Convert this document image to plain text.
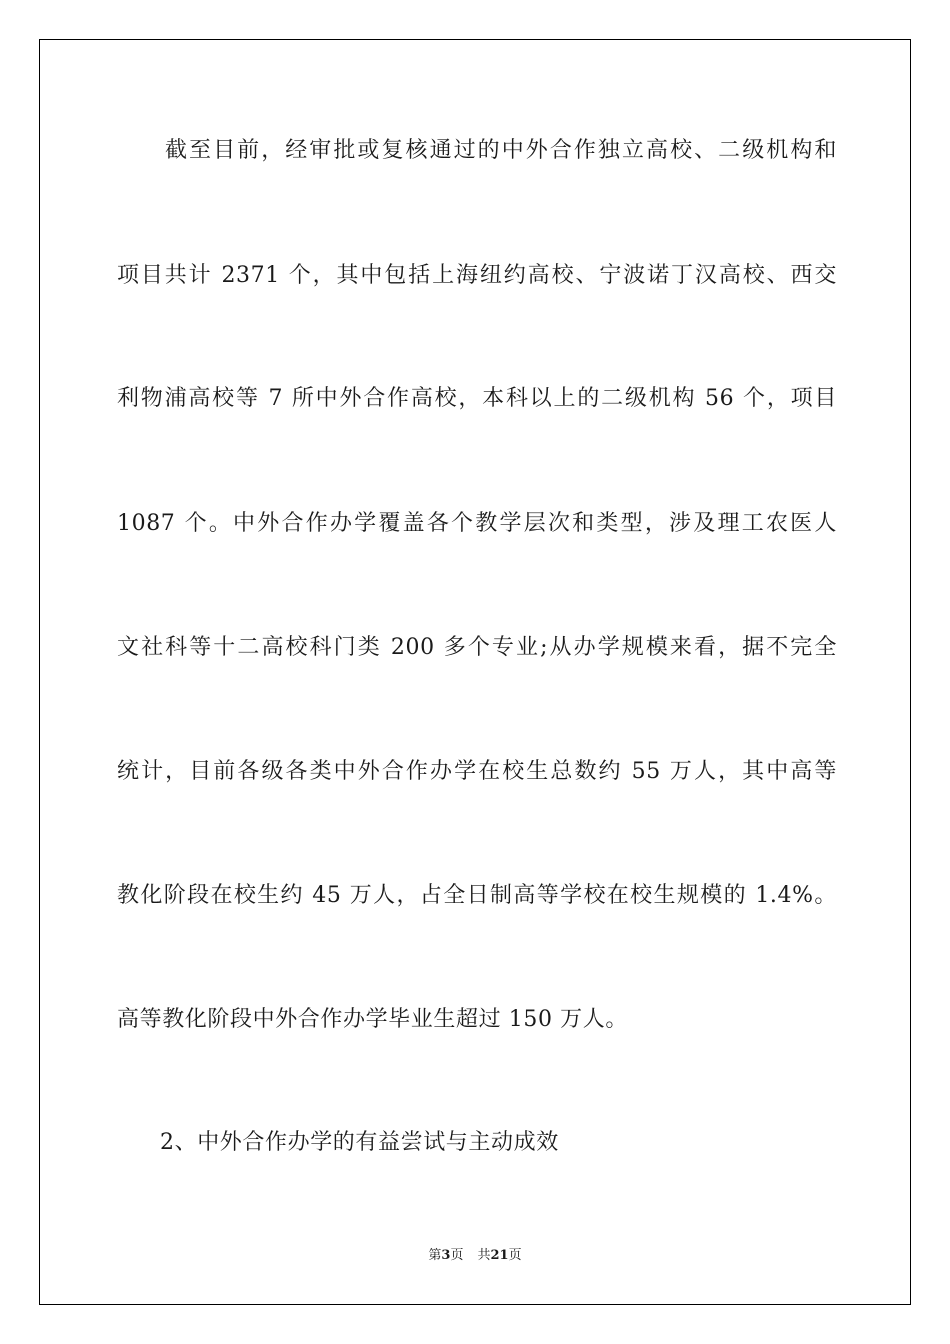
截至目前，经审批或复核通过的中外合作独立高校、二级机构和
项目共计 2371 个，其中包括上海纽约高校、宁波诺丁汉高校、西交
利物浦高校等 7 所中外合作高校，本科以上的二级机构 56 个，项目
1087 个。中外合作办学覆盖各个教学层次和类型，涉及理工农医人
文社科等十二高校科门类 200 多个专业;从办学规模来看，据不完全
统计，目前各级各类中外合作办学在校生总数约 55 万人，其中高等
教化阶段在校生约 45 万人，占全日制高等学校在校生规模的 1.4%。
高等教化阶段中外合作办学毕业生超过 150 万人。
2、中外合作办学的有益尝试与主动成效
第3页 共21页
